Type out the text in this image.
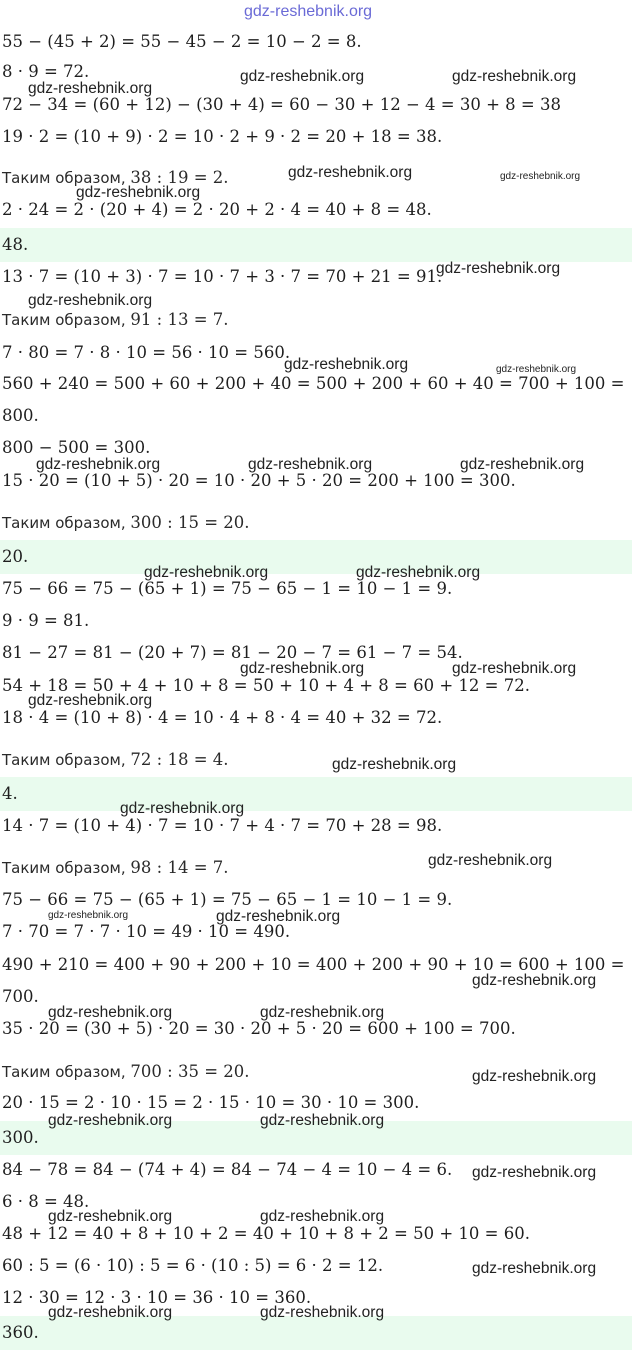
gdz-reshebnik.org
55 − (45 + 2) = 55 − 45 − 2 = 10 − 2 = 8.
8 · 9 = 72.
72 − 34 = (60 + 12) − (30 + 4) = 60 − 30 + 12 − 4 = 30 + 8 = 38
19 · 2 = (10 + 9) · 2 = 10 · 2 + 9 · 2 = 20 + 18 = 38.
Таким образом, 38 : 19 = 2.
2 · 24 = 2 · (20 + 4) = 2 · 20 + 2 · 4 = 40 + 8 = 48.
48.
13 · 7 = (10 + 3) · 7 = 10 · 7 + 3 · 7 = 70 + 21 = 91.
Таким образом, 91 : 13 = 7.
7 · 80 = 7 · 8 · 10 = 56 · 10 = 560.
560 + 240 = 500 + 60 + 200 + 40 = 500 + 200 + 60 + 40 = 700 + 100 =
800.
800 − 500 = 300.
15 · 20 = (10 + 5) · 20 = 10 · 20 + 5 · 20 = 200 + 100 = 300.
Таким образом, 300 : 15 = 20.
20.
75 − 66 = 75 − (65 + 1) = 75 − 65 − 1 = 10 − 1 = 9.
9 · 9 = 81.
81 − 27 = 81 − (20 + 7) = 81 − 20 − 7 = 61 − 7 = 54.
54 + 18 = 50 + 4 + 10 + 8 = 50 + 10 + 4 + 8 = 60 + 12 = 72.
18 · 4 = (10 + 8) · 4 = 10 · 4 + 8 · 4 = 40 + 32 = 72.
Таким образом, 72 : 18 = 4.
4.
14 · 7 = (10 + 4) · 7 = 10 · 7 + 4 · 7 = 70 + 28 = 98.
Таким образом, 98 : 14 = 7.
75 − 66 = 75 − (65 + 1) = 75 − 65 − 1 = 10 − 1 = 9.
7 · 70 = 7 · 7 · 10 = 49 · 10 = 490.
490 + 210 = 400 + 90 + 200 + 10 = 400 + 200 + 90 + 10 = 600 + 100 =
700.
35 · 20 = (30 + 5) · 20 = 30 · 20 + 5 · 20 = 600 + 100 = 700.
Таким образом, 700 : 35 = 20.
20 · 15 = 2 · 10 · 15 = 2 · 15 · 10 = 30 · 10 = 300.
300.
84 − 78 = 84 − (74 + 4) = 84 − 74 − 4 = 10 − 4 = 6.
6 · 8 = 48.
48 + 12 = 40 + 8 + 10 + 2 = 40 + 10 + 8 + 2 = 50 + 10 = 60.
60 : 5 = (6 · 10) : 5 = 6 · (10 : 5) = 6 · 2 = 12.
12 · 30 = 12 · 3 · 10 = 36 · 10 = 360.
360.
gdz-reshebnik.org
gdz-reshebnik.org	gdz-reshebnik.org
gdz-reshebnik.org	gdz-reshebnik.org
gdz-reshebnik.org
gdz-reshebnik.org
gdz-reshebnik.org
gdz-reshebnik.org	gdz-reshebnik.org
gdz-reshebnik.org	gdz-reshebnik.org	gdz-reshebnik.org
gdz-reshebnik.org	gdz-reshebnik.org
gdz-reshebnik.org	gdz-reshebnik.org
gdz-reshebnik.org
gdz-reshebnik.org
gdz-reshebnik.org
gdz-reshebnik.org
gdz-reshebnik.org	gdz-reshebnik.org
gdz-reshebnik.org
gdz-reshebnik.org	gdz-reshebnik.org
gdz-reshebnik.org
gdz-reshebnik.org	gdz-reshebnik.org
gdz-reshebnik.org
gdz-reshebnik.org	gdz-reshebnik.org
gdz-reshebnik.org
gdz-reshebnik.org	gdz-reshebnik.org
